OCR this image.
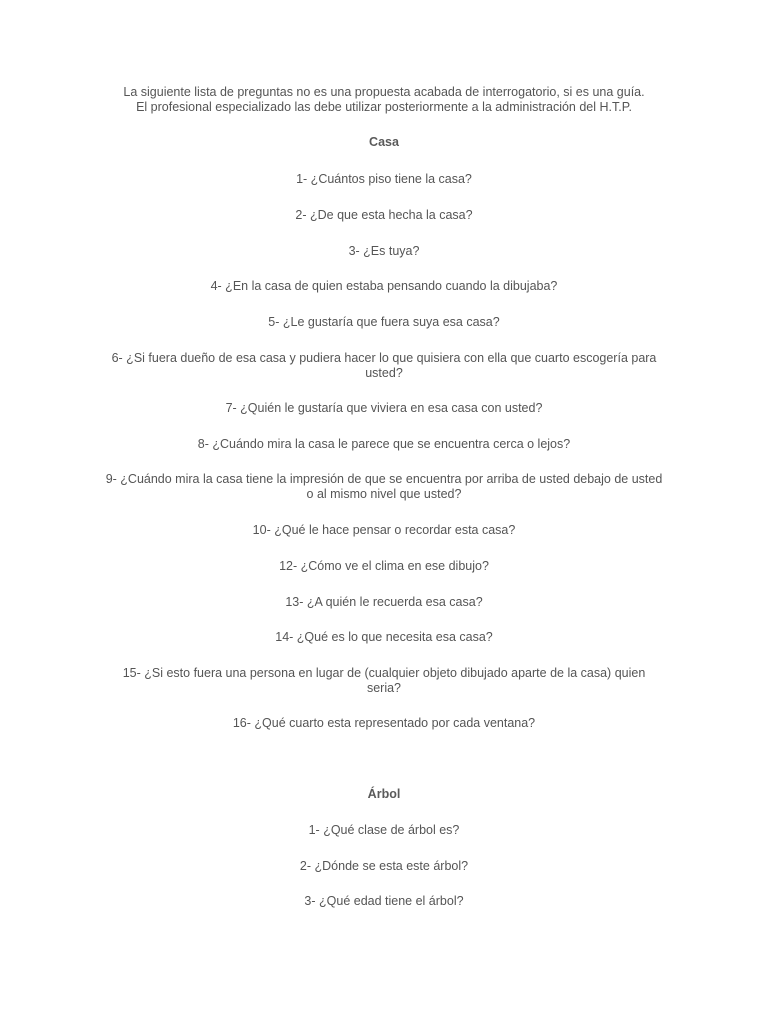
La siguiente lista de preguntas no es una propuesta acabada de interrogatorio, si es una guía.
El profesional especializado las debe utilizar posteriormente a la administración del H.T.P.
Casa
1- ¿Cuántos piso tiene la casa?
2- ¿De que esta hecha la casa?
3- ¿Es tuya?
4- ¿En la casa de quien estaba pensando cuando la dibujaba?
5- ¿Le gustaría que fuera suya esa casa?
6- ¿Si fuera dueño de esa casa y pudiera hacer lo que quisiera con ella que cuarto escogería para usted?
7- ¿Quién le gustaría que viviera en esa casa con usted?
8- ¿Cuándo mira la casa le parece que se encuentra cerca o lejos?
9- ¿Cuándo mira la casa tiene la impresión de que se encuentra por arriba de usted debajo de usted o al mismo nivel que usted?
10- ¿Qué le hace pensar o recordar esta casa?
12- ¿Cómo ve el clima en ese dibujo?
13- ¿A quién le recuerda esa casa?
14- ¿Qué es lo que necesita esa casa?
15- ¿Si esto fuera una persona en lugar de (cualquier objeto dibujado aparte de la casa) quien seria?
16- ¿Qué cuarto esta representado por cada ventana?
Árbol
1- ¿Qué clase de árbol es?
2- ¿Dónde se esta este árbol?
3- ¿Qué edad tiene el árbol?
